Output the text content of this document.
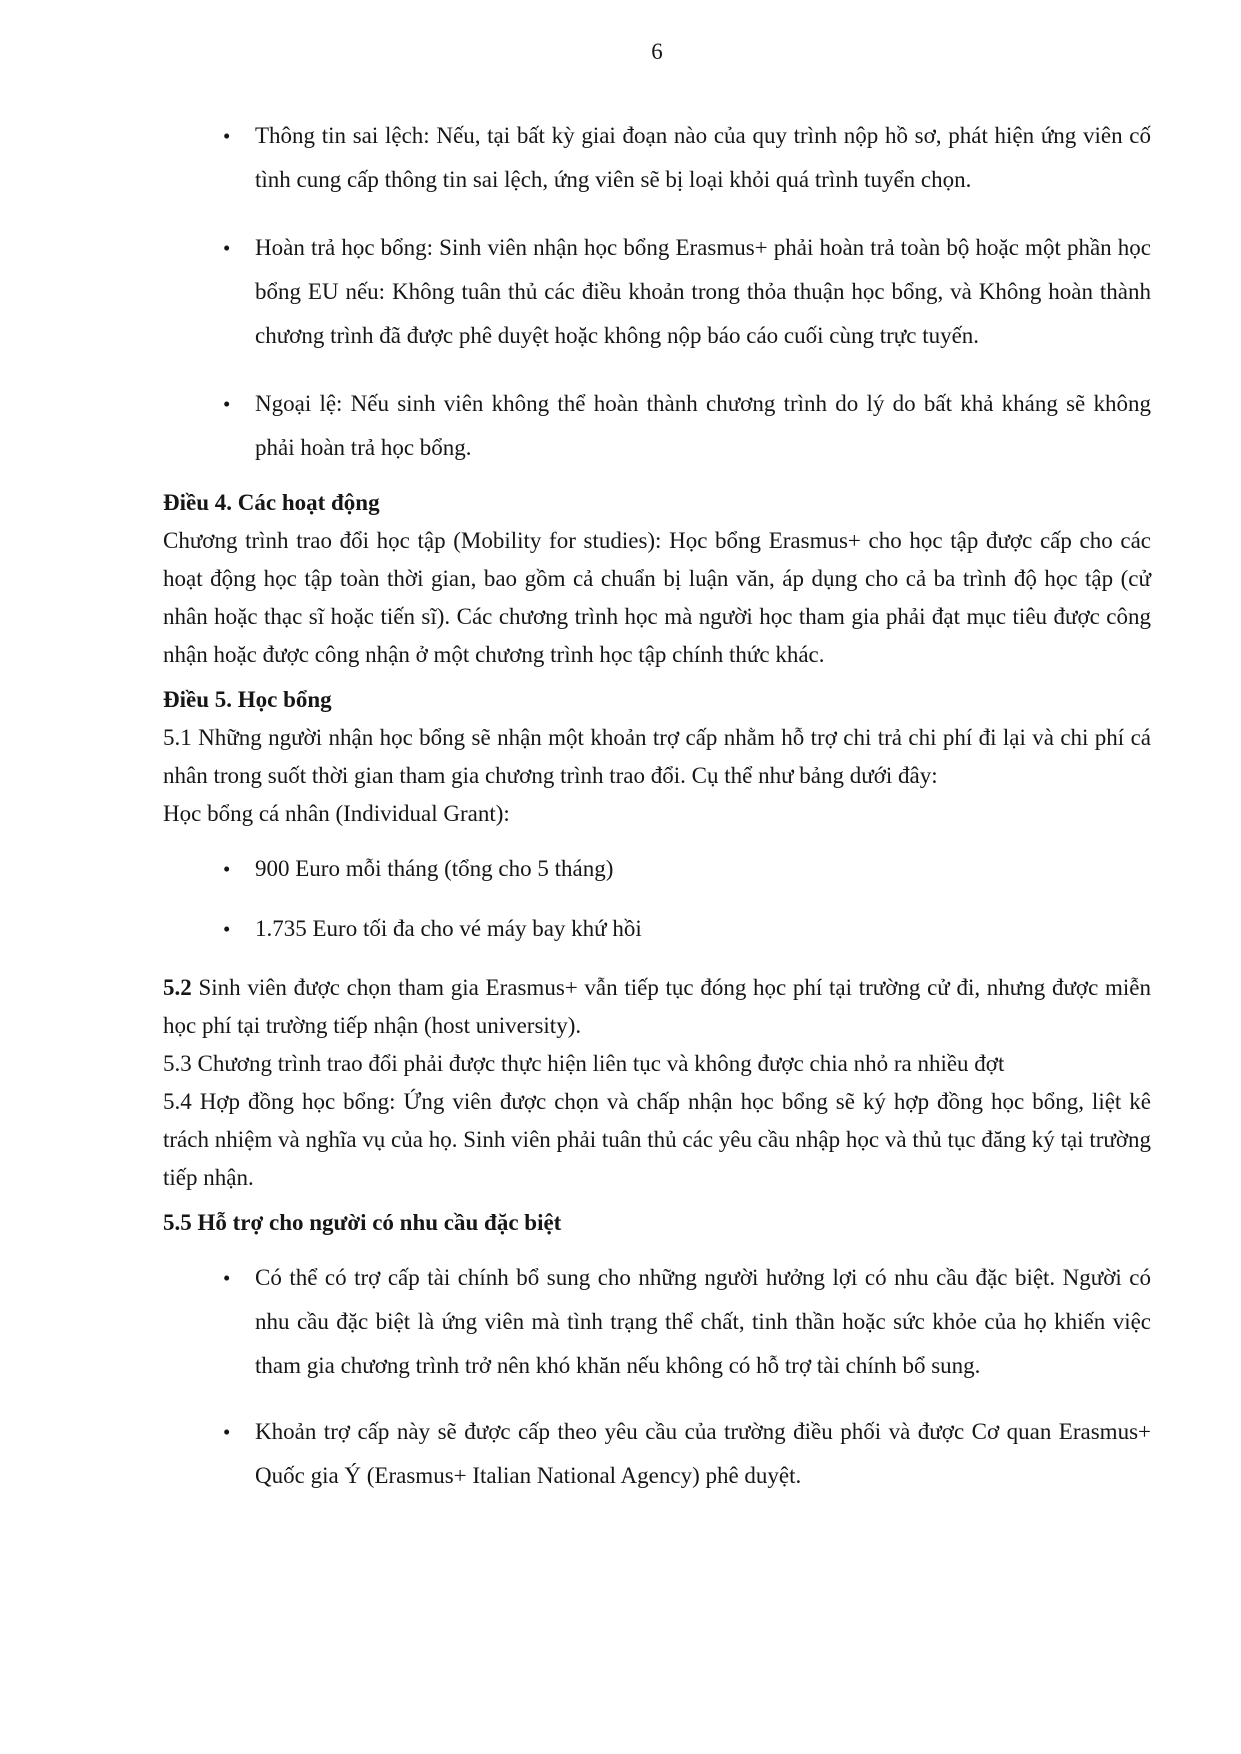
6
• Thông tin sai lệch: Nếu, tại bất kỳ giai đoạn nào của quy trình nộp hồ sơ, phát hiện ứng viên cố tình cung cấp thông tin sai lệch, ứng viên sẽ bị loại khỏi quá trình tuyển chọn.
• Hoàn trả học bổng: Sinh viên nhận học bổng Erasmus+ phải hoàn trả toàn bộ hoặc một phần học bổng EU nếu: Không tuân thủ các điều khoản trong thỏa thuận học bổng, và Không hoàn thành chương trình đã được phê duyệt hoặc không nộp báo cáo cuối cùng trực tuyến.
• Ngoại lệ: Nếu sinh viên không thể hoàn thành chương trình do lý do bất khả kháng sẽ không phải hoàn trả học bổng.
Điều 4. Các hoạt động

Chương trình trao đổi học tập (Mobility for studies): Học bổng Erasmus+ cho học tập được cấp cho các hoạt động học tập toàn thời gian, bao gồm cả chuẩn bị luận văn, áp dụng cho cả ba trình độ học tập (cử nhân hoặc thạc sĩ hoặc tiến sĩ). Các chương trình học mà người học tham gia phải đạt mục tiêu được công nhận hoặc được công nhận ở một chương trình học tập chính thức khác.

Điều 5. Học bổng

5.1 Những người nhận học bổng sẽ nhận một khoản trợ cấp nhằm hỗ trợ chi trả chi phí đi lại và chi phí cá nhân trong suốt thời gian tham gia chương trình trao đổi. Cụ thể như bảng dưới đây:

Học bổng cá nhân (Individual Grant):

• 900 Euro mỗi tháng (tổng cho 5 tháng)
• 1.735 Euro tối đa cho vé máy bay khứ hồi

5.2 Sinh viên được chọn tham gia Erasmus+ vẫn tiếp tục đóng học phí tại trường cử đi, nhưng được miễn học phí tại trường tiếp nhận (host university).

5.3 Chương trình trao đổi phải được thực hiện liên tục và không được chia nhỏ ra nhiều đợt

5.4 Hợp đồng học bổng: Ứng viên được chọn và chấp nhận học bổng sẽ ký hợp đồng học bổng, liệt kê trách nhiệm và nghĩa vụ của họ. Sinh viên phải tuân thủ các yêu cầu nhập học và thủ tục đăng ký tại trường tiếp nhận.

5.5 Hỗ trợ cho người có nhu cầu đặc biệt
• Có thể có trợ cấp tài chính bổ sung cho những người hưởng lợi có nhu cầu đặc biệt. Người có nhu cầu đặc biệt là ứng viên mà tình trạng thể chất, tinh thần hoặc sức khỏe của họ khiến việc tham gia chương trình trở nên khó khăn nếu không có hỗ trợ tài chính bổ sung.
• Khoản trợ cấp này sẽ được cấp theo yêu cầu của trường điều phối và được Cơ quan Erasmus+ Quốc gia Ý (Erasmus+ Italian National Agency) phê duyệt.
